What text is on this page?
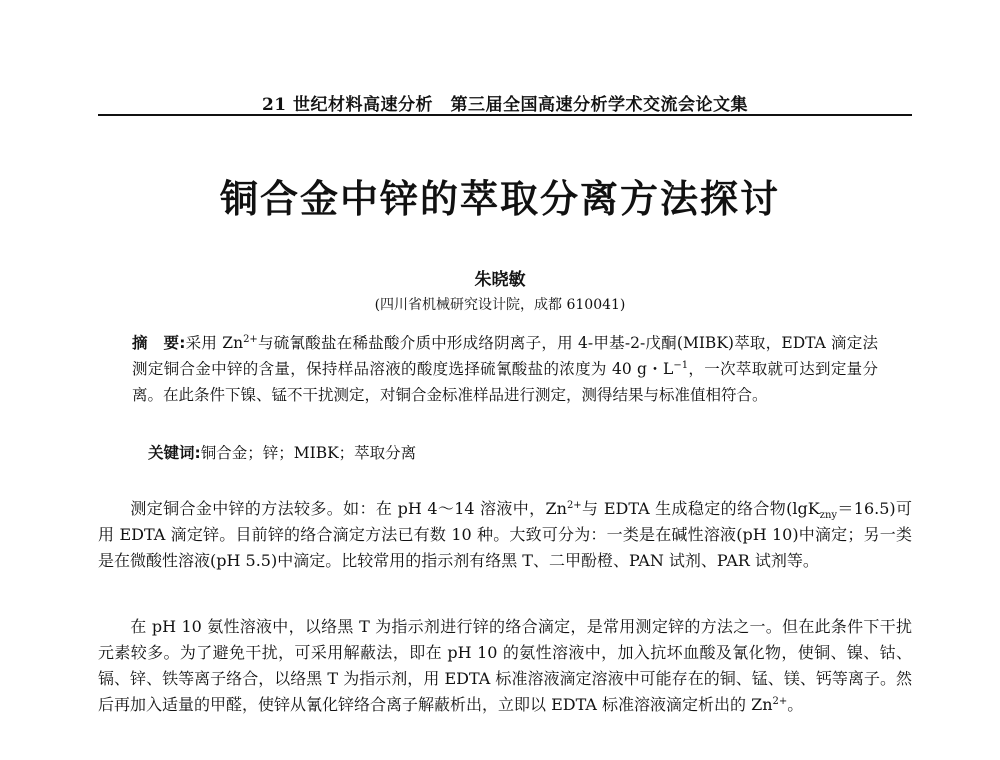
21 世纪材料高速分析　第三届全国高速分析学术交流会论文集
铜合金中锌的萃取分离方法探讨
朱晓敏
(四川省机械研究设计院，成都 610041)
摘　要:采用 $Zn^{2+}$与硫氰酸盐在稀盐酸介质中形成络阴离子，用 4-甲基-2-戊酮(MIBK)萃取，EDTA 滴定法测定铜合金中锌的含量，保持样品溶液的酸度选择硫氰酸盐的浓度为 40 g・$L^{-1}$，一次萃取就可达到定量分离。在此条件下镍、锰不干扰测定，对铜合金标准样品进行测定，测得结果与标准值相符合。
关键词:铜合金；锌；MIBK；萃取分离
测定铜合金中锌的方法较多。如：在 pH 4～14 溶液中，$Zn^{2+}$与 EDTA 生成稳定的络合物(lgK$_{zny}$＝16.5)可用 EDTA 滴定锌。目前锌的络合滴定方法已有数 10 种。大致可分为：一类是在碱性溶液(pH 10)中滴定；另一类是在微酸性溶液(pH 5.5)中滴定。比较常用的指示剂有络黑 T、二甲酚橙、PAN 试剂、PAR 试剂等。
在 pH 10 氨性溶液中，以络黑 T 为指示剂进行锌的络合滴定，是常用测定锌的方法之一。但在此条件下干扰元素较多。为了避免干扰，可采用解蔽法，即在 pH 10 的氨性溶液中，加入抗坏血酸及氰化物，使铜、镍、钴、镉、锌、铁等离子络合，以络黑 T 为指示剂，用 EDTA 标准溶液滴定溶液中可能存在的铜、锰、镁、钙等离子。然后再加入适量的甲醛，使锌从氰化锌络合离子解蔽析出，立即以 EDTA 标准溶液滴定析出的 $Zn^{2+}$。
